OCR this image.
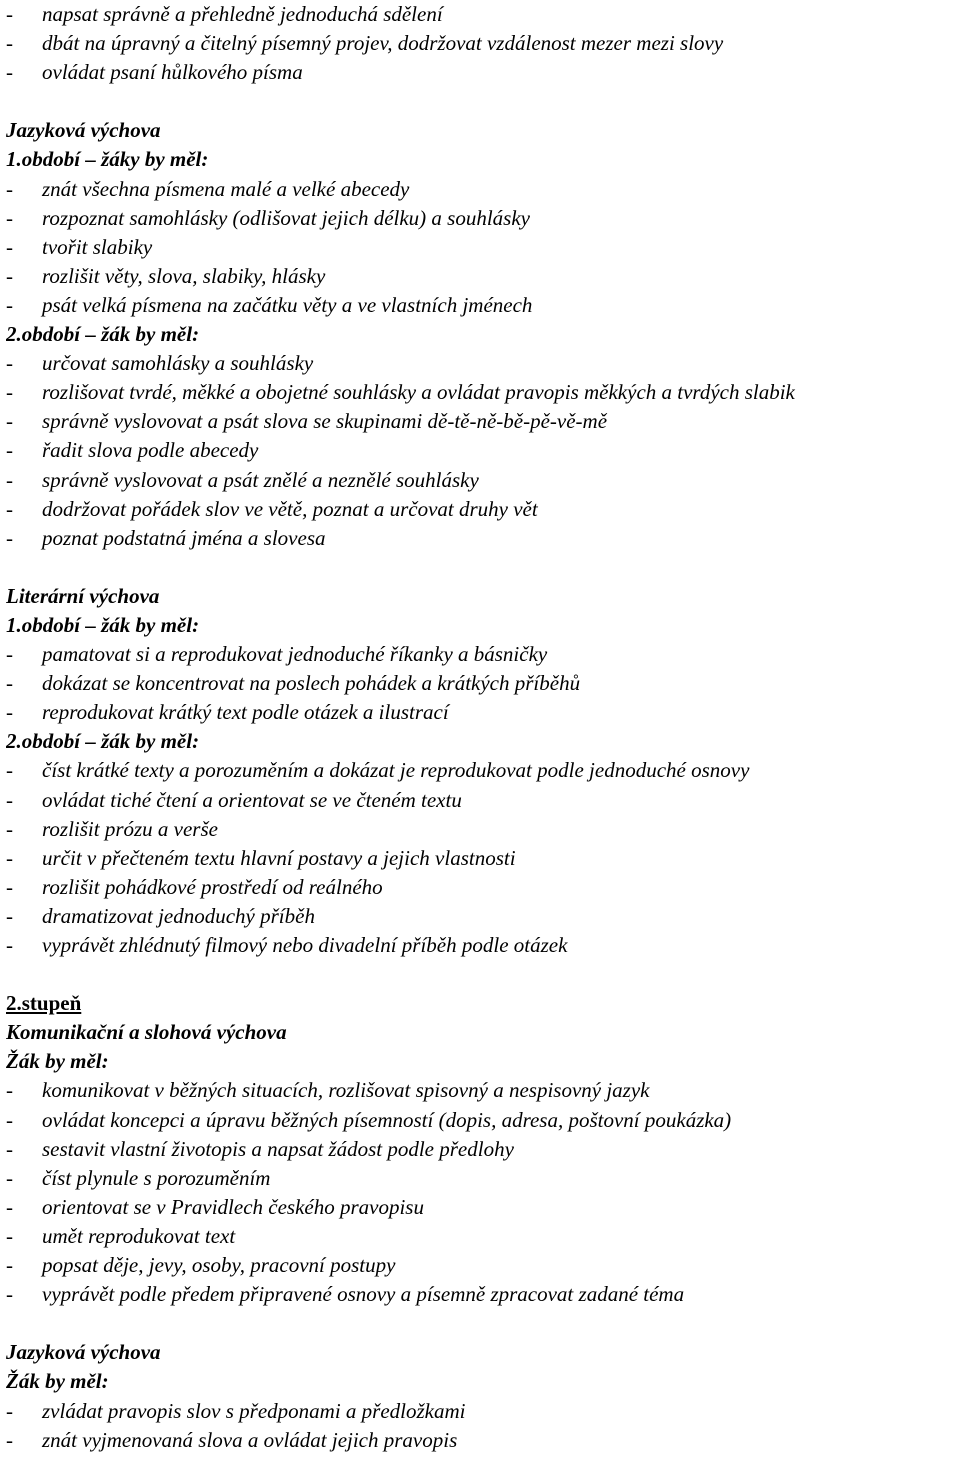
-	napsat správně a přehledně jednoduchá sdělení
-	dbát na úpravný a čitelný písemný projev, dodržovat vzdálenost mezer mezi slovy
-	ovládat psaní hůlkového písma
Jazyková výchova
1.období – žáky by měl:
-	znát všechna písmena malé a velké abecedy
-	rozpoznat samohlásky (odlišovat jejich délku) a souhlásky
-	tvořit slabiky
-	rozlišit věty, slova, slabiky, hlásky
-	psát velká písmena na začátku věty a ve vlastních jménech
2.období – žák by měl:
-	určovat samohlásky a souhlásky
-	rozlišovat tvrdé, měkké a obojetné souhlásky a ovládat pravopis měkkých a tvrdých slabik
-	správně vyslovovat a psát slova se skupinami dě-tě-ně-bě-pě-vě-mě
-	řadit slova podle abecedy
-	správně vyslovovat a psát znělé a neznělé souhlásky
-	dodržovat pořádek slov ve větě, poznat a určovat druhy vět
-	poznat podstatná jména a slovesa
Literární výchova
1.období – žák by měl:
-	pamatovat si a reprodukovat jednoduché říkanky a básničky
-	dokázat se koncentrovat na poslech pohádek a krátkých příběhů
-	reprodukovat krátký text podle otázek a ilustrací
2.období – žák by měl:
-	číst krátké texty a porozuměním a dokázat je reprodukovat podle jednoduché osnovy
-	ovládat tiché čtení a orientovat se ve čteném textu
-	rozlišit prózu a verše
-	určit v přečteném textu hlavní postavy a jejich vlastnosti
-	rozlišit pohádkové prostředí od reálného
-	dramatizovat jednoduchý příběh
-	vyprávět zhlédnutý filmový nebo divadelní příběh podle otázek
2.stupeň
Komunikační a slohová výchova
Žák by měl:
-	komunikovat v běžných situacích, rozlišovat spisovný a nespisovný jazyk
-	ovládat koncepci a úpravu běžných písemností (dopis, adresa, poštovní poukázka)
-	sestavit vlastní životopis a napsat žádost podle předlohy
-	číst plynule s porozuměním
-	orientovat se v Pravidlech českého pravopisu
-	umět reprodukovat text
-	popsat děje, jevy, osoby, pracovní postupy
-	vyprávět podle předem připravené osnovy a písemně zpracovat zadané téma
Jazyková výchova
Žák by měl:
-	zvládat pravopis slov s předponami a předložkami
-	znát vyjmenovaná slova a ovládat jejich pravopis
